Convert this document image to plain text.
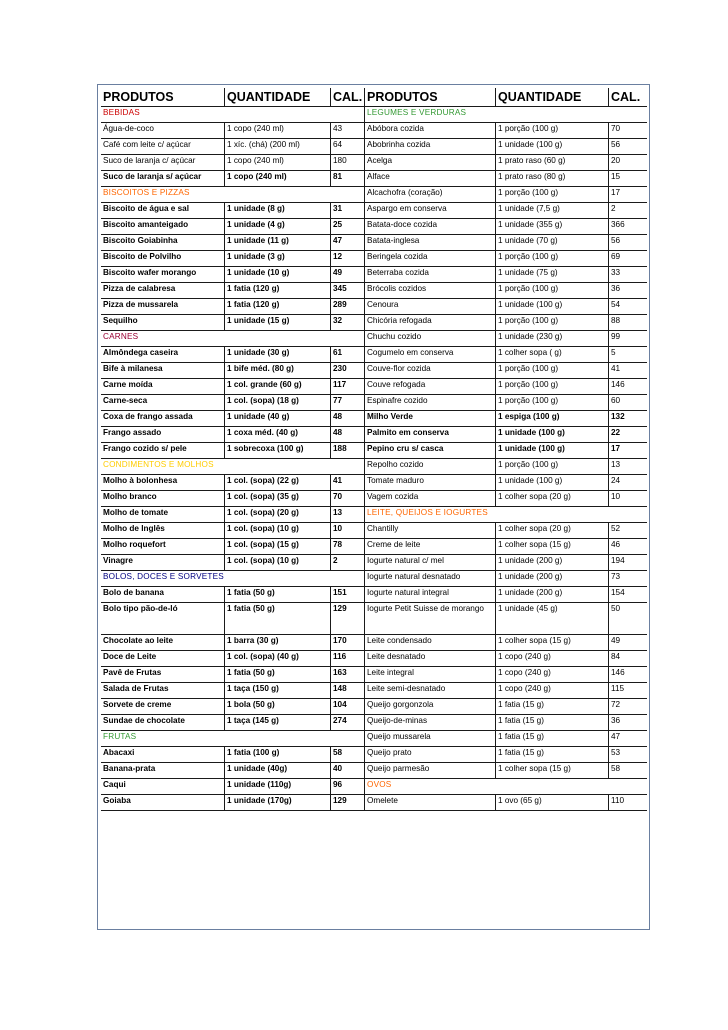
PRODUTOS	QUANTIDADE	CAL. PRODUTOS	QUANTIDADE	CAL.
BEBIDAS	LEGUMES E VERDURAS
Água-de-coco	1 copo (240 ml)	43	Abóbora cozida	1 porção (100 g)	70
Café com leite c/ açúcar	1 xíc. (chá) (200 ml)	64	Abobrinha cozida	1 unidade (100 g)	56
Suco de laranja c/ açúcar	1 copo (240 ml)	180	Acelga	1 prato raso (60 g)	20
Suco de laranja s/ açúcar	1 copo (240 ml)	81	Alface	1 prato raso (80 g)	15
BISCOITOS E PIZZAS	Alcachofra (coração)	1 porção (100 g)	17
Biscoito de água e sal	1 unidade (8 g)	31	Aspargo em conserva	1 unidade (7,5 g)	2
Biscoito amanteigado	1 unidade (4 g)	25	Batata-doce cozida	1 unidade (355 g)	366
Biscoito Goiabinha	1 unidade (11 g)	47	Batata-inglesa	1 unidade (70 g)	56
Biscoito de Polvilho	1 unidade (3 g)	12	Beringela cozida	1 porção (100 g)	69
Biscoito wafer morango	1 unidade (10 g)	49	Beterraba cozida	1 unidade (75 g)	33
Pizza de calabresa	1 fatia (120 g)	345	Brócolis cozidos	1 porção (100 g)	36
Pizza de mussarela	1 fatia (120 g)	289	Cenoura	1 unidade (100 g)	54
Sequilho	1 unidade (15 g)	32	Chicória refogada	1 porção (100 g)	88
CARNES	Chuchu cozido	1 unidade (230 g)	99
Almôndega caseira	1 unidade (30 g)	61	Cogumelo em conserva	1 colher sopa ( g)	5
Bife à milanesa	1 bife méd. (80 g)	230	Couve-flor cozida	1 porção (100 g)	41
Carne moída	1 col. grande (60 g)	117	Couve refogada	1 porção (100 g)	146
Carne-seca	1 col. (sopa) (18 g)	77	Espinafre cozido	1 porção (100 g)	60
Coxa de frango assada	1 unidade (40 g)	48	Milho Verde	1 espiga (100 g)	132
Frango assado	1 coxa méd. (40 g)	48	Palmito em conserva	1 unidade (100 g)	22
Frango cozido s/ pele	1 sobrecoxa (100 g)	188	Pepino cru s/ casca	1 unidade (100 g)	17
CONDIMENTOS E MOLHOS	Repolho cozido	1 porção (100 g)	13
Molho à bolonhesa	1 col. (sopa) (22 g)	41	Tomate maduro	1 unidade (100 g)	24
Molho branco	1 col. (sopa) (35 g)	70	Vagem cozida	1 colher sopa (20 g)	10
Molho de tomate	1 col. (sopa) (20 g)	13	LEITE, QUEIJOS E IOGURTES
Molho de Inglês	1 col. (sopa) (10 g)	10	Chantilly	1 colher sopa (20 g)	52
Molho roquefort	1 col. (sopa) (15 g)	78	Creme de leite	1 colher sopa (15 g)	46
Vinagre	1 col. (sopa) (10 g)	2	Iogurte natural c/ mel	1 unidade (200 g)	194
BOLOS, DOCES E SORVETES	Iogurte natural desnatado	1 unidade (200 g)	73
Bolo de banana	1 fatia (50 g)	151	Iogurte natural integral	1 unidade (200 g)	154
Bolo tipo pão-de-ló	1 fatia (50 g)	129	Iogurte Petit Suisse de morango	1 unidade (45 g)	50
Chocolate ao leite	1 barra (30 g)	170	Leite condensado	1 colher sopa (15 g)	49
Doce de Leite	1 col. (sopa) (40 g)	116	Leite desnatado	1 copo (240 g)	84
Pavê de Frutas	1 fatia (50 g)	163	Leite integral	1 copo (240 g)	146
Salada de Frutas	1 taça (150 g)	148	Leite semi-desnatado	1 copo (240 g)	115
Sorvete de creme	1 bola (50 g)	104	Queijo gorgonzola	1 fatia (15 g)	72
Sundae de chocolate	1 taça (145 g)	274	Queijo-de-minas	1 fatia (15 g)	36
FRUTAS	Queijo mussarela	1 fatia (15 g)	47
Abacaxi	1 fatia (100 g)	58	Queijo prato	1 fatia (15 g)	53
Banana-prata	1 unidade (40g)	40	Queijo parmesão	1 colher sopa (15 g)	58
Caqui	1 unidade (110g)	96	OVOS
Goiaba	1 unidade (170g)	129	Omelete	1 ovo (65 g)	110
